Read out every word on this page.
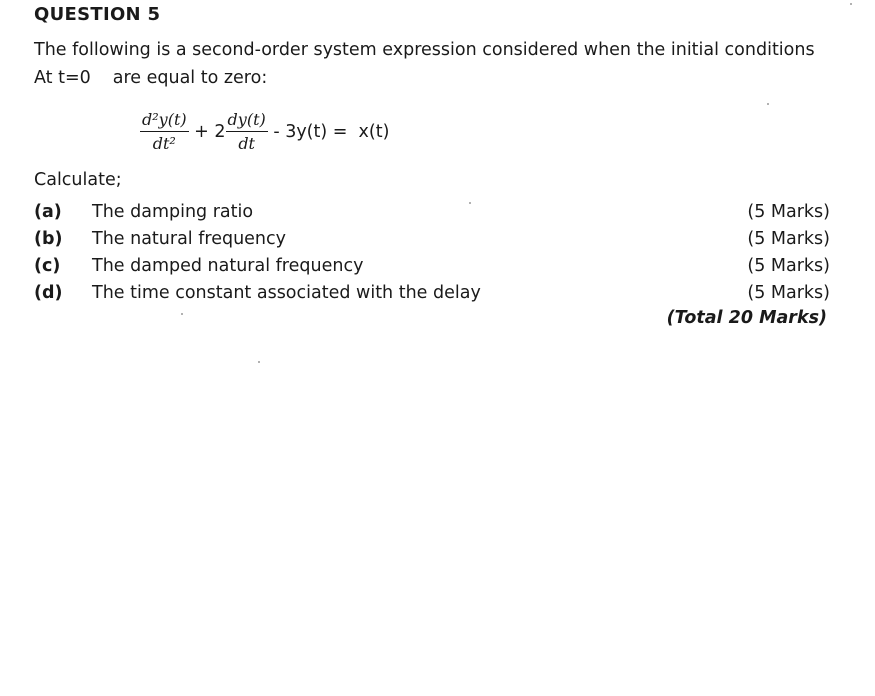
QUESTION 5
The following is a second-order system expression considered when the initial conditions
At t=0 are equal to zero:
$\frac{\text{d²y(t)}}{\text{dt²}} + 2 \frac{dy(t)}{dt} - 3y(t) = x(t)$
Calculate;
(a) The damping ratio	(5 Marks)
(b) The natural frequency	(5 Marks)
(c) The damped natural frequency	(5 Marks)
(d) The time constant associated with the delay	(5 Marks)
(Total 20 Marks)
